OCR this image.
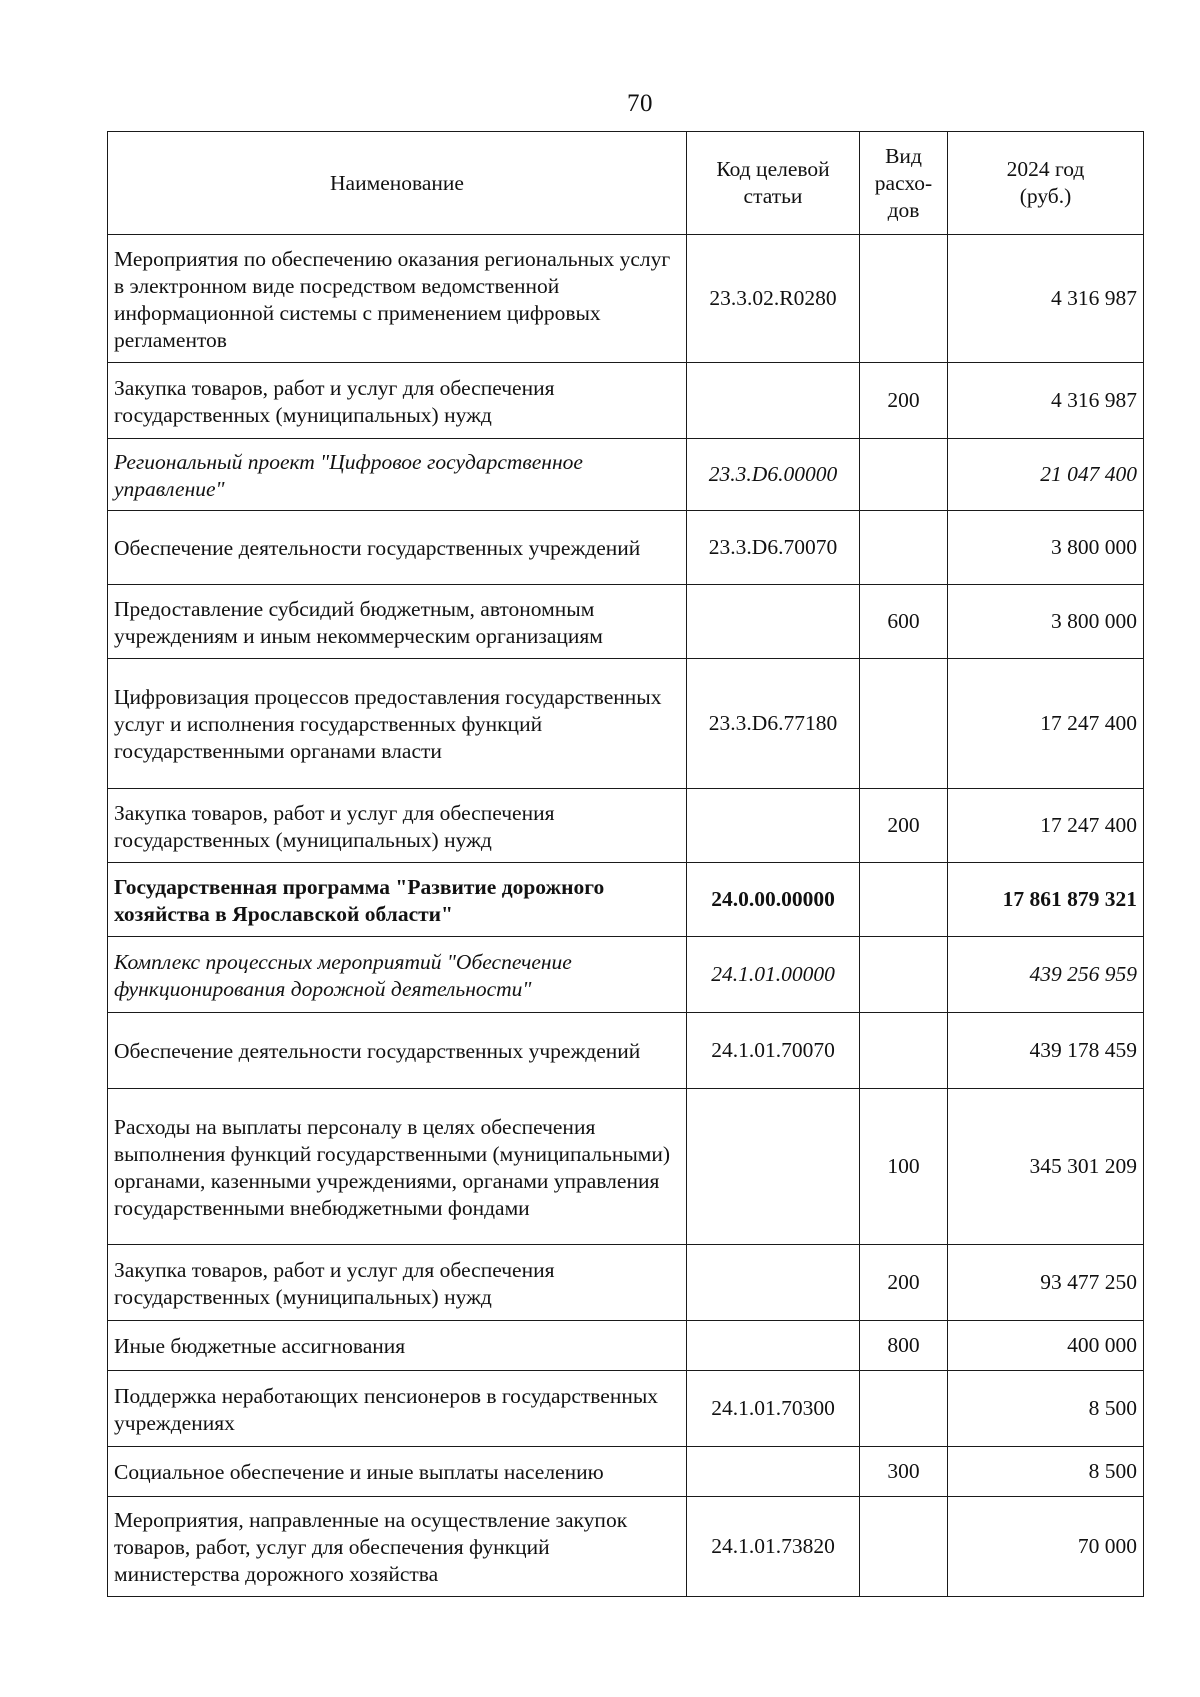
70
Наименование	Код целевой статьи	Вид расхо-дов	2024 год (руб.)
Мероприятия по обеспечению оказания региональных услуг в электронном виде посредством ведомственной информационной системы с применением цифровых регламентов	23.3.02.R0280		4 316 987
Закупка товаров, работ и услуг для обеспечения государственных (муниципальных) нужд		200	4 316 987
Региональный проект "Цифровое государственное управление"	23.3.D6.00000		21 047 400
Обеспечение деятельности государственных учреждений	23.3.D6.70070		3 800 000
Предоставление субсидий бюджетным, автономным учреждениям и иным некоммерческим организациям		600	3 800 000
Цифровизация процессов предоставления государственных услуг и исполнения государственных функций государственными органами власти	23.3.D6.77180		17 247 400
Закупка товаров, работ и услуг для обеспечения государственных (муниципальных) нужд		200	17 247 400
Государственная программа "Развитие дорожного хозяйства в Ярославской области"	24.0.00.00000		17 861 879 321
Комплекс процессных мероприятий "Обеспечение функционирования дорожной деятельности"	24.1.01.00000		439 256 959
Обеспечение деятельности государственных учреждений	24.1.01.70070		439 178 459
Расходы на выплаты персоналу в целях обеспечения выполнения функций государственными (муниципальными) органами, казенными учреждениями, органами управления государственными внебюджетными фондами		100	345 301 209
Закупка товаров, работ и услуг для обеспечения государственных (муниципальных) нужд		200	93 477 250
Иные бюджетные ассигнования		800	400 000
Поддержка неработающих пенсионеров в государственных учреждениях	24.1.01.70300		8 500
Социальное обеспечение и иные выплаты населению		300	8 500
Мероприятия, направленные на осуществление закупок товаров, работ, услуг для обеспечения функций министерства дорожного хозяйства	24.1.01.73820		70 000
